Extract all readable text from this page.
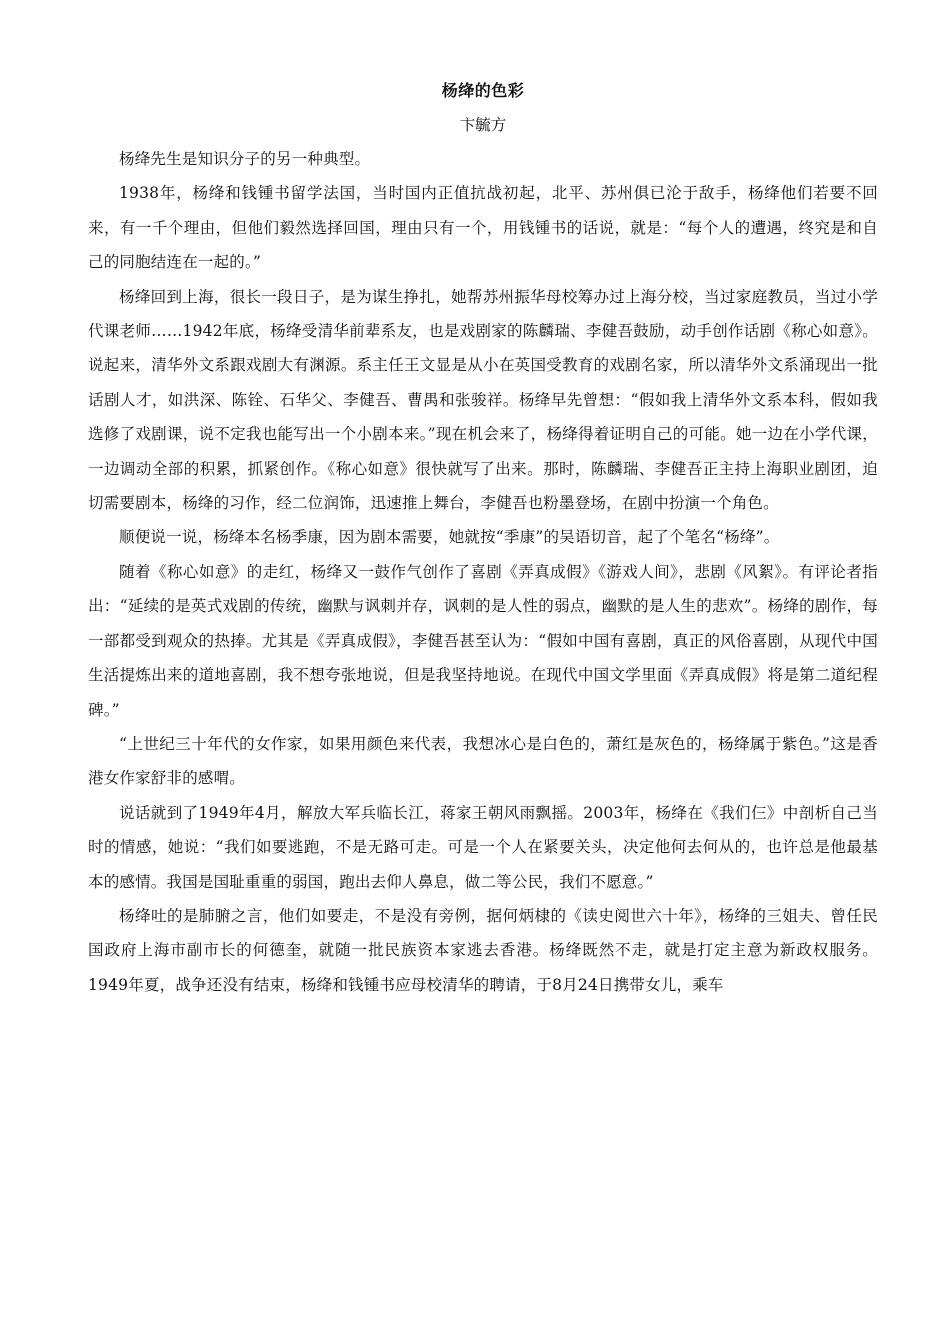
杨绛的色彩

卞毓方

杨绛先生是知识分子的另一种典型。

1938年，杨绛和钱锺书留学法国，当时国内正值抗战初起，北平、苏州俱已沦于敌手，杨绛他们若要不回来，有一千个理由，但他们毅然选择回国，理由只有一个，用钱锺书的话说，就是：“每个人的遭遇，终究是和自己的同胞结连在一起的。”

杨绛回到上海，很长一段日子，是为谋生挣扎，她帮苏州振华母校筹办过上海分校，当过家庭教员，当过小学代课老师……1942年底，杨绛受清华前辈系友，也是戏剧家的陈麟瑞、李健吾鼓励，动手创作话剧《称心如意》。说起来，清华外文系跟戏剧大有渊源。系主任王文显是从小在英国受教育的戏剧名家，所以清华外文系涌现出一批话剧人才，如洪深、陈铨、石华父、李健吾、曹禺和张骏祥。杨绛早先曾想：“假如我上清华外文系本科，假如我选修了戏剧课，说不定我也能写出一个小剧本来。”现在机会来了，杨绛得着证明自己的可能。她一边在小学代课，一边调动全部的积累，抓紧创作。《称心如意》很快就写了出来。那时，陈麟瑞、李健吾正主持上海职业剧团，迫切需要剧本，杨绛的习作，经二位润饰，迅速推上舞台，李健吾也粉墨登场，在剧中扮演一个角色。

顺便说一说，杨绛本名杨季康，因为剧本需要，她就按“季康”的吴语切音，起了个笔名“杨绛”。

随着《称心如意》的走红，杨绛又一鼓作气创作了喜剧《弄真成假》《游戏人间》，悲剧《风絮》。有评论者指出：“延续的是英式戏剧的传统，幽默与讽刺并存，讽刺的是人性的弱点，幽默的是人生的悲欢”。杨绛的剧作，每一部都受到观众的热捧。尤其是《弄真成假》，李健吾甚至认为：“假如中国有喜剧，真正的风俗喜剧，从现代中国生活提炼出来的道地喜剧，我不想夸张地说，但是我坚持地说。在现代中国文学里面《弄真成假》将是第二道纪程碑。”

“上世纪三十年代的女作家，如果用颜色来代表，我想冰心是白色的，萧红是灰色的，杨绛属于紫色。”这是香港女作家舒非的感喟。

说话就到了1949年4月，解放大军兵临长江，蒋家王朝风雨飘摇。2003年，杨绛在《我们仨》中剖析自己当时的情感，她说：“我们如要逃跑，不是无路可走。可是一个人在紧要关头，决定他何去何从的，也许总是他最基本的感情。我国是国耻重重的弱国，跑出去仰人鼻息，做二等公民，我们不愿意。”

杨绛吐的是肺腑之言，他们如要走，不是没有旁例，据何炳棣的《读史阅世六十年》，杨绛的三姐夫、曾任民国政府上海市副市长的何德奎，就随一批民族资本家逃去香港。杨绛既然不走，就是打定主意为新政权服务。1949年夏，战争还没有结束，杨绛和钱锺书应母校清华的聘请，于8月24日携带女儿，乘车
